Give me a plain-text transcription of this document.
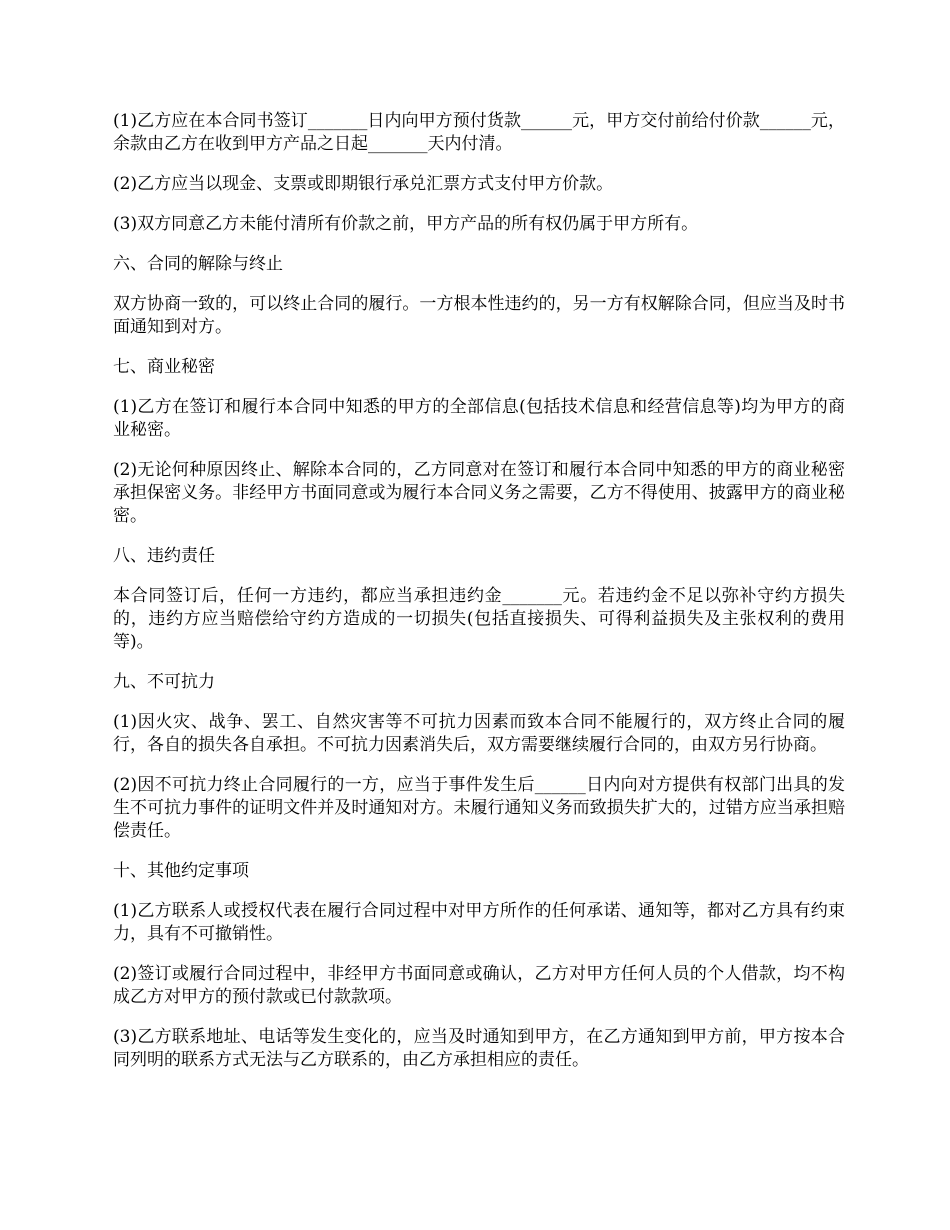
(1)乙方应在本合同书签订_______日内向甲方预付货款______元，甲方交付前给付价款______元，余款由乙方在收到甲方产品之日起_______天内付清。

(2)乙方应当以现金、支票或即期银行承兑汇票方式支付甲方价款。

(3)双方同意乙方未能付清所有价款之前，甲方产品的所有权仍属于甲方所有。

六、合同的解除与终止

双方协商一致的，可以终止合同的履行。一方根本性违约的，另一方有权解除合同，但应当及时书面通知到对方。

七、商业秘密

(1)乙方在签订和履行本合同中知悉的甲方的全部信息(包括技术信息和经营信息等)均为甲方的商业秘密。

(2)无论何种原因终止、解除本合同的，乙方同意对在签订和履行本合同中知悉的甲方的商业秘密承担保密义务。非经甲方书面同意或为履行本合同义务之需要，乙方不得使用、披露甲方的商业秘密。

八、违约责任

本合同签订后，任何一方违约，都应当承担违约金_______元。若违约金不足以弥补守约方损失的，违约方应当赔偿给守约方造成的一切损失(包括直接损失、可得利益损失及主张权利的费用等)。

九、不可抗力

(1)因火灾、战争、罢工、自然灾害等不可抗力因素而致本合同不能履行的，双方终止合同的履行，各自的损失各自承担。不可抗力因素消失后，双方需要继续履行合同的，由双方另行协商。

(2)因不可抗力终止合同履行的一方，应当于事件发生后______日内向对方提供有权部门出具的发生不可抗力事件的证明文件并及时通知对方。未履行通知义务而致损失扩大的，过错方应当承担赔偿责任。

十、其他约定事项

(1)乙方联系人或授权代表在履行合同过程中对甲方所作的任何承诺、通知等，都对乙方具有约束力，具有不可撤销性。

(2)签订或履行合同过程中，非经甲方书面同意或确认，乙方对甲方任何人员的个人借款，均不构成乙方对甲方的预付款或已付款款项。

(3)乙方联系地址、电话等发生变化的，应当及时通知到甲方，在乙方通知到甲方前，甲方按本合同列明的联系方式无法与乙方联系的，由乙方承担相应的责任。
